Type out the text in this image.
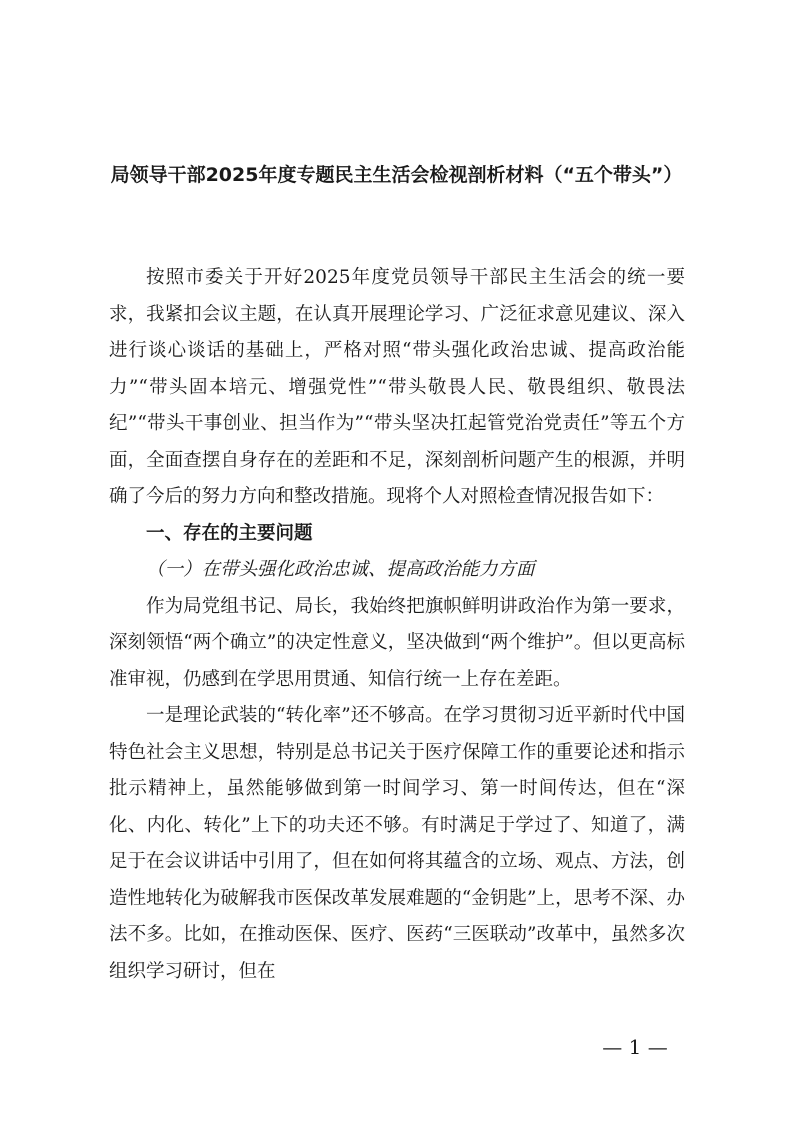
局领导干部2025年度专题民主生活会检视剖析材料（“五个带头”）

按照市委关于开好2025年度党员领导干部民主生活会的统一要求，我紧扣会议主题，在认真开展理论学习、广泛征求意见建议、深入进行谈心谈话的基础上，严格对照“带头强化政治忠诚、提高政治能力”“带头固本培元、增强党性”“带头敬畏人民、敬畏组织、敬畏法纪”“带头干事创业、担当作为”“带头坚决扛起管党治党责任”等五个方面，全面查摆自身存在的差距和不足，深刻剖析问题产生的根源，并明确了今后的努力方向和整改措施。现将个人对照检查情况报告如下：

一、存在的主要问题

（一）在带头强化政治忠诚、提高政治能力方面

作为局党组书记、局长，我始终把旗帜鲜明讲政治作为第一要求，深刻领悟“两个确立”的决定性意义，坚决做到“两个维护”。但以更高标准审视，仍感到在学思用贯通、知信行统一上存在差距。

一是理论武装的“转化率”还不够高。在学习贯彻习近平新时代中国特色社会主义思想，特别是总书记关于医疗保障工作的重要论述和指示批示精神上，虽然能够做到第一时间学习、第一时间传达，但在“深化、内化、转化”上下的功夫还不够。有时满足于学过了、知道了，满足于在会议讲话中引用了，但在如何将其蕴含的立场、观点、方法，创造性地转化为破解我市医保改革发展难题的“金钥匙”上，思考不深、办法不多。比如，在推动医保、医疗、医药“三医联动”改革中，虽然多次组织学习研讨，但在

— 1 —
